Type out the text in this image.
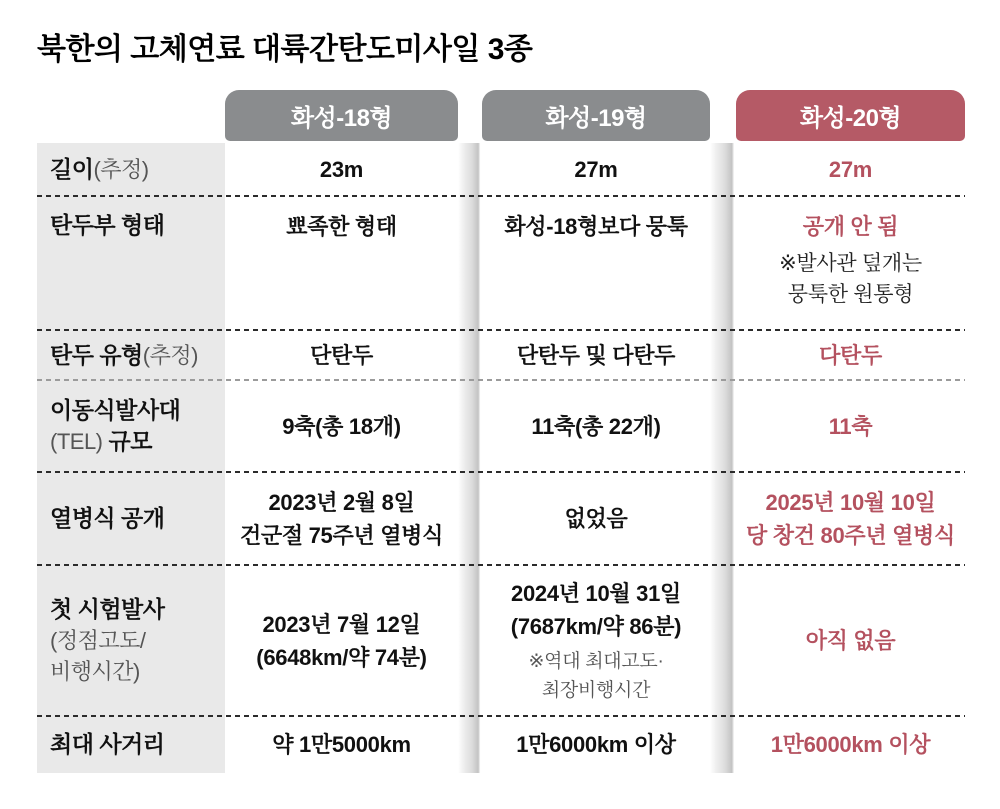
북한의 고체연료 대륙간탄도미사일 3종
길이(추정)
탄두부 형태
탄두 유형(추정)
이동식발사대
(TEL) 규모
열병식 공개
첫 시험발사
(정점고도/
비행시간)
최대 사거리
화성-18형
23m
뾰족한 형태
단탄두
9축(총 18개)
2023년 2월 8일
건군절 75주년 열병식
2023년 7월 12일
(6648km/약 74분)
약 1만5000km
화성-19형
27m
화성-18형보다 뭉툭
단탄두 및 다탄두
11축(총 22개)
없었음
2024년 10월 31일
(7687km/약 86분)
※역대 최대고도·
최장비행시간
1만6000km 이상
화성-20형
27m
공개 안 됨
※발사관 덮개는
뭉툭한 원통형
다탄두
11축
2025년 10월 10일
당 창건 80주년 열병식
아직 없음
1만6000km 이상
